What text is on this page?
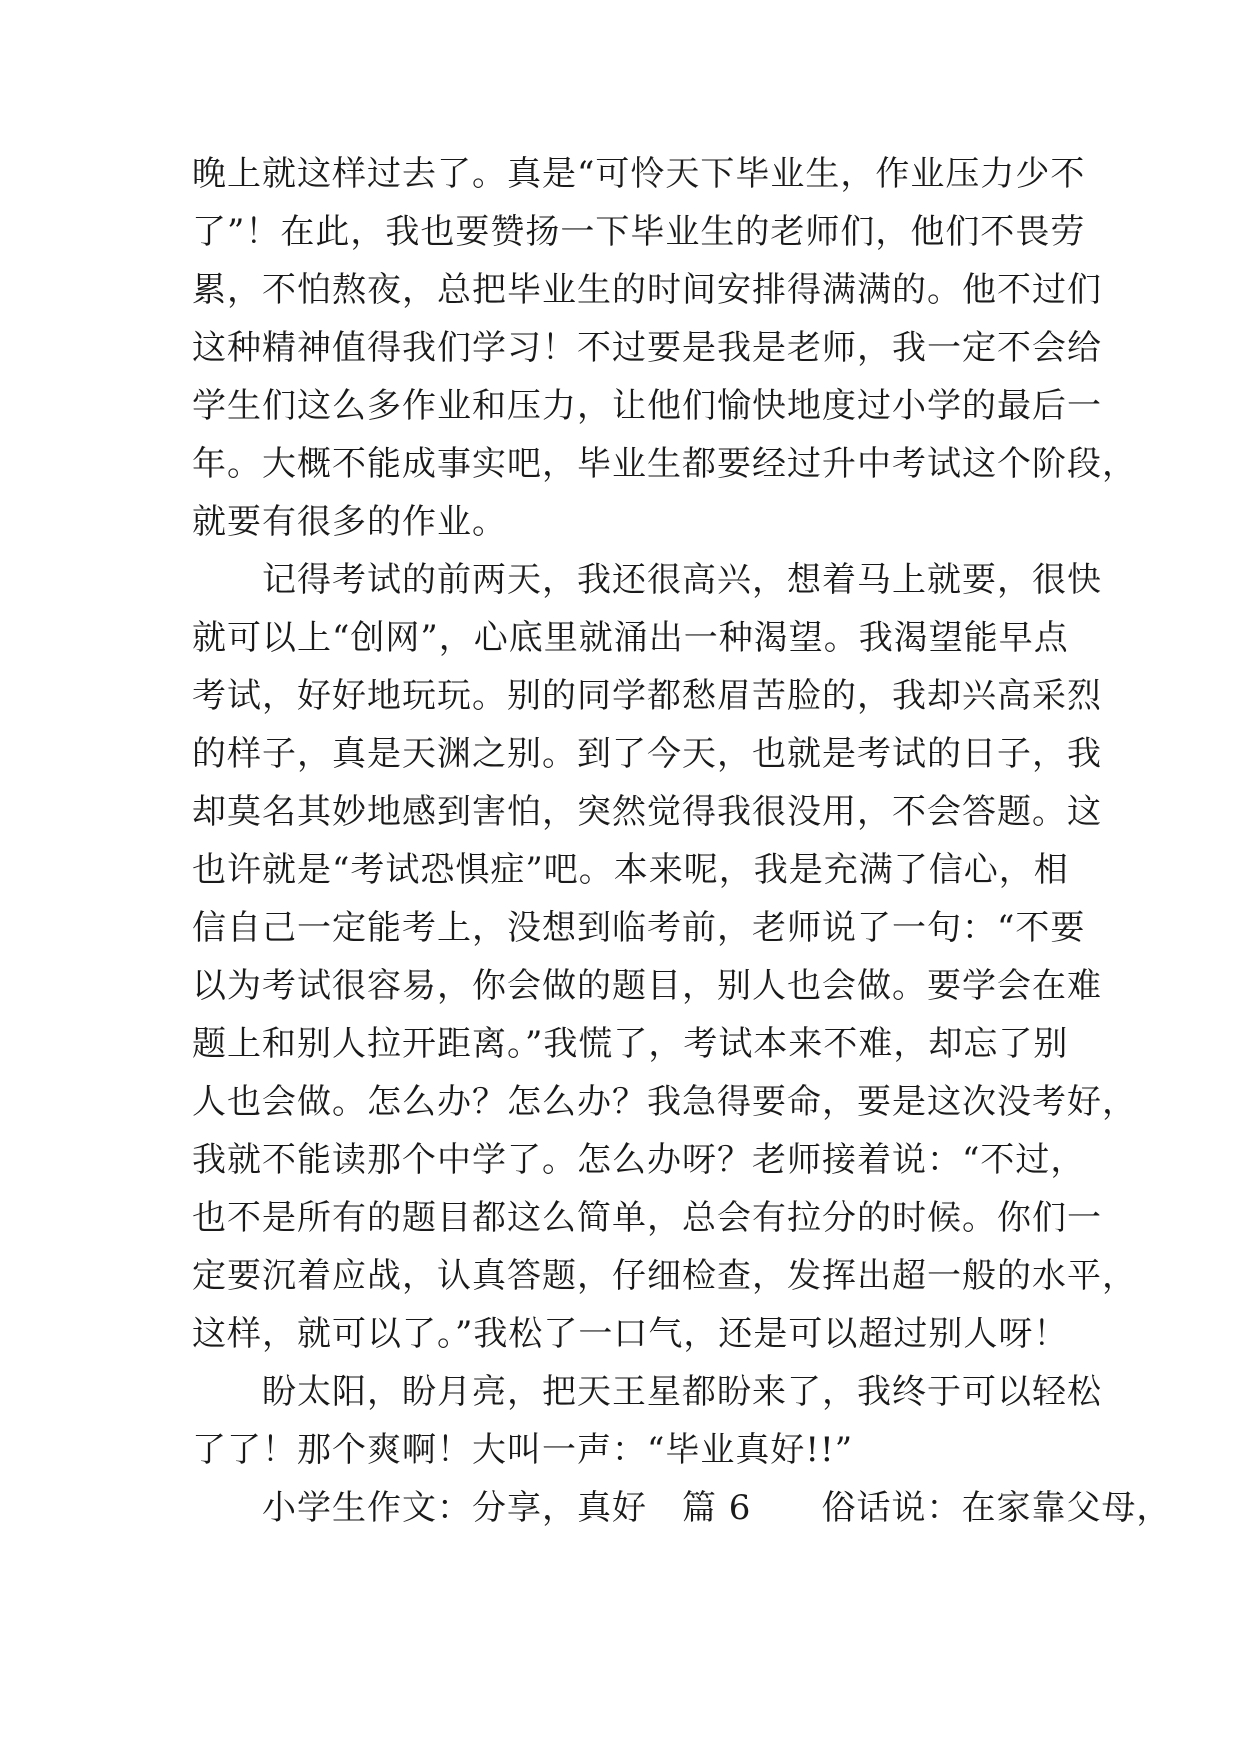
晚上就这样过去了。真是“可怜天下毕业生，作业压力少不
了”！在此，我也要赞扬一下毕业生的老师们，他们不畏劳
累，不怕熬夜，总把毕业生的时间安排得满满的。他不过们
这种精神值得我们学习！不过要是我是老师，我一定不会给
学生们这么多作业和压力，让他们愉快地度过小学的最后一
年。大概不能成事实吧，毕业生都要经过升中考试这个阶段，
就要有很多的作业。
　　记得考试的前两天，我还很高兴，想着马上就要，很快
就可以上“创网”，心底里就涌出一种渴望。我渴望能早点
考试，好好地玩玩。别的同学都愁眉苦脸的，我却兴高采烈
的样子，真是天渊之别。到了今天，也就是考试的日子，我
却莫名其妙地感到害怕，突然觉得我很没用，不会答题。这
也许就是“考试恐惧症”吧。本来呢，我是充满了信心，相
信自己一定能考上，没想到临考前，老师说了一句：“不要
以为考试很容易，你会做的题目，别人也会做。要学会在难
题上和别人拉开距离。”我慌了，考试本来不难，却忘了别
人也会做。怎么办？怎么办？我急得要命，要是这次没考好，
我就不能读那个中学了。怎么办呀？老师接着说：“不过，
也不是所有的题目都这么简单，总会有拉分的时候。你们一
定要沉着应战，认真答题，仔细检查，发挥出超一般的水平，
这样，就可以了。”我松了一口气，还是可以超过别人呀！
　　盼太阳，盼月亮，把天王星都盼来了，我终于可以轻松
了了！那个爽啊！大叫一声：“毕业真好!!”
　　小学生作文：分享，真好　篇 6　　俗话说：在家靠父母，
